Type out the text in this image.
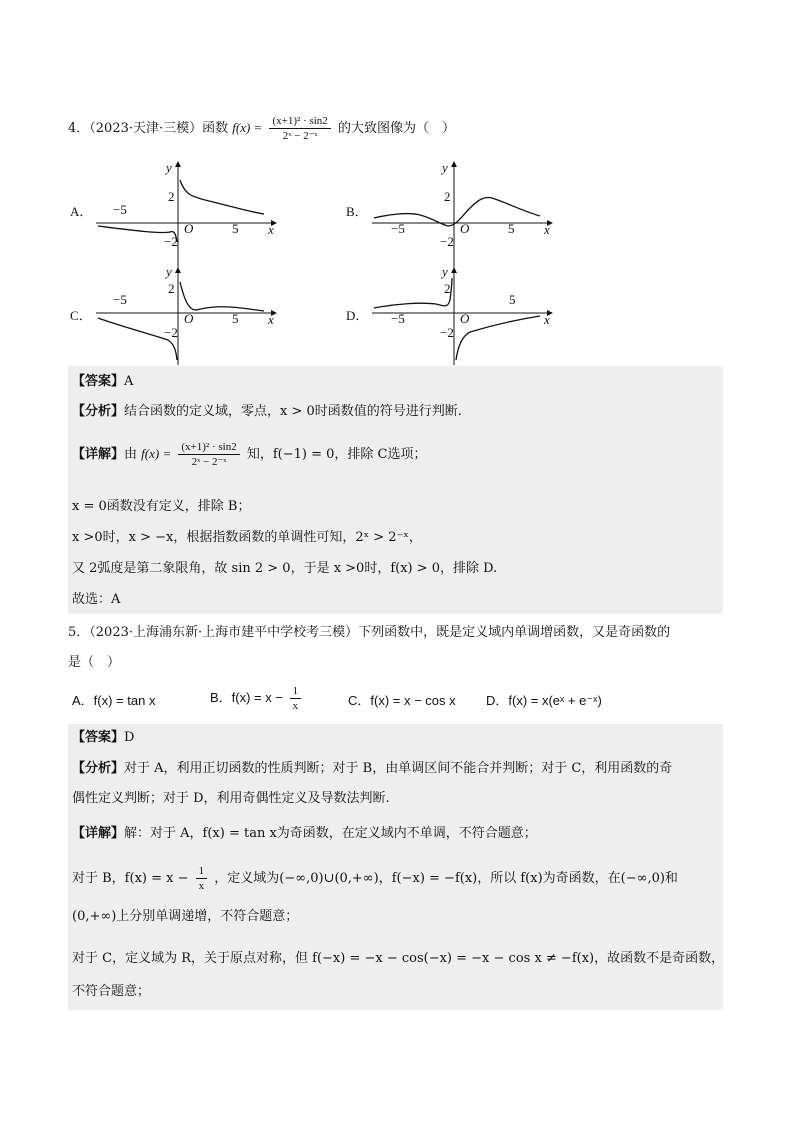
4．（2023·天津·三模）函数 $f(x) = \frac{\text{(x+1)² · sin2}}{\text{2ˣ − 2⁻ˣ}}$ 的大致图像为（　）
A．
y
2
−2
−5
5
O	x
B．
y
2
−2
−5	5
O	x
C．
y
2
−2
−5
5
O	x	D．
y
2
−2
−5
5
O	x
【答案】A
【分析】结合函数的定义域，零点，x > 0时函数值的符号进行判断.
【详解】由 $f(x) = \frac{\text{(x+1)² · sin2}}{\text{2ˣ − 2⁻ˣ}}$ 知，f(−1) = 0，排除 C选项；
x = 0函数没有定义，排除 B；
x >0时，x > −x，根据指数函数的单调性可知，2ˣ > 2⁻ˣ，
又 2弧度是第二象限角，故 sin 2 > 0，于是 x >0时，f(x) > 0，排除 D.
故选：A
5．（2023·上海浦东新·上海市建平中学校考三模）下列函数中，既是定义域内单调增函数，又是奇函数的
是（　）
A．f(x) = tan x	B．$f(x) = x - \frac{1}{x}$	C．f(x) = x − cos x D．f(x) = x(eˣ + e⁻ˣ)
【答案】D
【分析】对于 A，利用正切函数的性质判断；对于 B，由单调区间不能合并判断；对于 C，利用函数的奇
偶性定义判断；对于 D，利用奇偶性定义及导数法判断.
【详解】解：对于 A，f(x) = tan x为奇函数，在定义域内不单调，不符合题意；
对于 B，$f(x) = x - \frac{1}{x}$ ，定义域为(−∞,0)∪(0,+∞)，f(−x) = −f(x)，所以 f(x)为奇函数，在(−∞,0)和
(0,+∞)上分别单调递增，不符合题意；
对于 C，定义域为 R，关于原点对称，但 f(−x) = −x − cos(−x) = −x − cos x ≠ −f(x)，故函数不是奇函数，
不符合题意；
